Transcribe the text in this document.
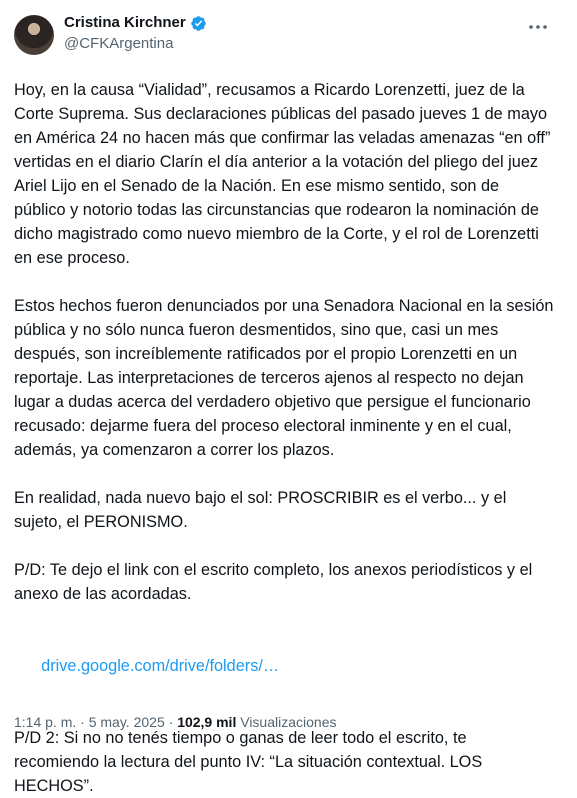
Cristina Kirchner
@CFKArgentina

Hoy, en la causa “Vialidad”, recusamos a Ricardo Lorenzetti, juez de la Corte Suprema. Sus declaraciones públicas del pasado jueves 1 de mayo en América 24 no hacen más que confirmar las veladas amenazas “en off” vertidas en el diario Clarín el día anterior a la votación del pliego del juez Ariel Lijo en el Senado de la Nación. En ese mismo sentido, son de público y notorio todas las circunstancias que rodearon la nominación de dicho magistrado como nuevo miembro de la Corte, y el rol de Lorenzetti en ese proceso.

Estos hechos fueron denunciados por una Senadora Nacional en la sesión pública y no sólo nunca fueron desmentidos, sino que, casi un mes después, son increíblemente ratificados por el propio Lorenzetti en un reportaje. Las interpretaciones de terceros ajenos al respecto no dejan lugar a dudas acerca del verdadero objetivo que persigue el funcionario recusado: dejarme fuera del proceso electoral inminente y en el cual, además, ya comenzaron a correr los plazos.

En realidad, nada nuevo bajo el sol: PROSCRIBIR es el verbo... y el sujeto, el PERONISMO.

P/D: Te dejo el link con el escrito completo, los anexos periodísticos y el anexo de las acordadas.

drive.google.com/drive/folders/…

P/D 2: Si no no tenés tiempo o ganas de leer todo el escrito, te recomiendo la lectura del punto IV: “La situación contextual. LOS HECHOS”.

1:14 p. m. · 5 may. 2025 · 102,9 mil Visualizaciones
